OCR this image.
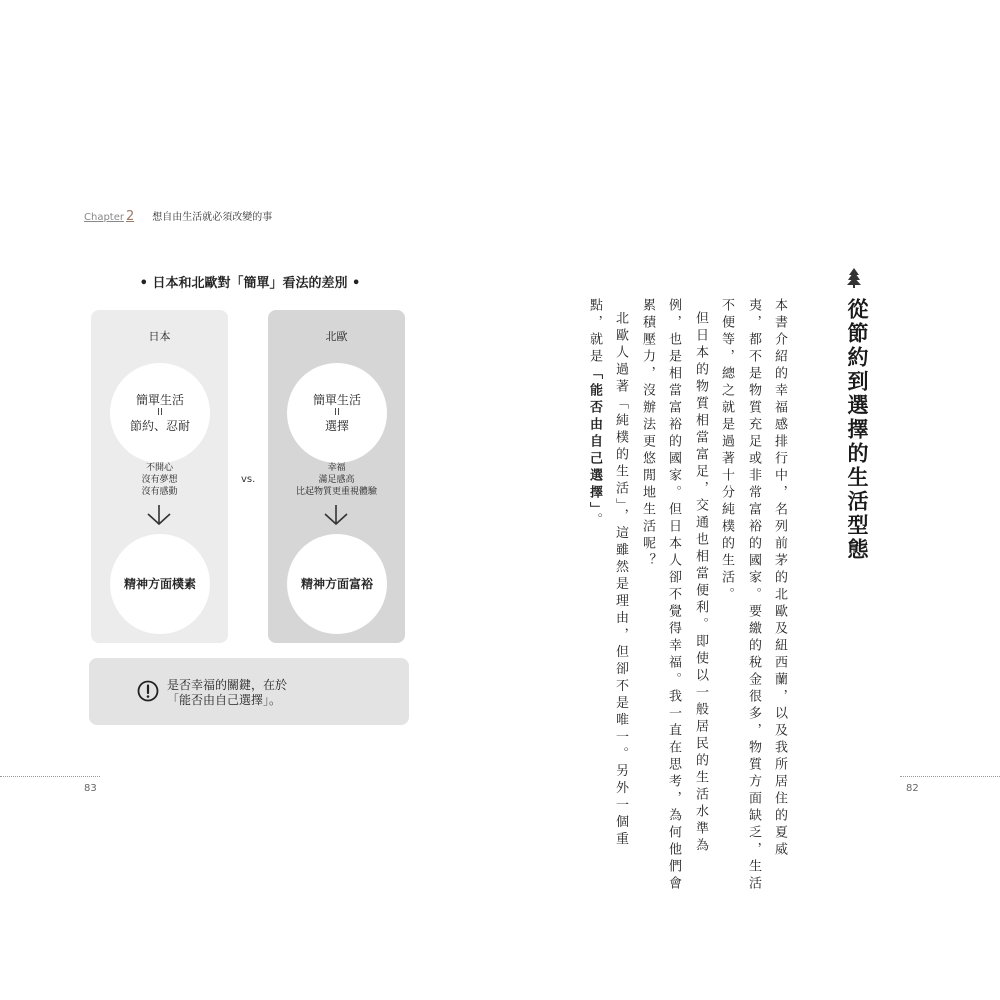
Chapter 2 想自由生活就必須改變的事
• 日本和北歐對「簡單」看法的差別 •
日本
簡單生活
II
節約、忍耐
不開心
沒有夢想
沒有感動
精神方面樸素
vs.
北歐
簡單生活
II
選擇
幸福
滿足感高
比起物質更重視體驗
精神方面富裕
是否幸福的關鍵，在於
「能否由自己選擇」。
83	82
從節約到選擇的生活型態
本書介紹的幸福感排行中，名列前茅的北歐及紐西蘭，以及我所居住的夏威
夷，都不是物質充足或非常富裕的國家。要繳的稅金很多，物質方面缺乏，生活
不便等，總之就是過著十分純樸的生活。
但日本的物質相當富足，交通也相當便利。即使以一般居民的生活水準為
例，也是相當富裕的國家。但日本人卻不覺得幸福。我一直在思考，為何他們會
累積壓力，沒辦法更悠閒地生活呢？
北歐人過著「純樸的生活」，這雖然是理由，但卻不是唯一。另外一個重
點，就是「能否由自己選擇」。
